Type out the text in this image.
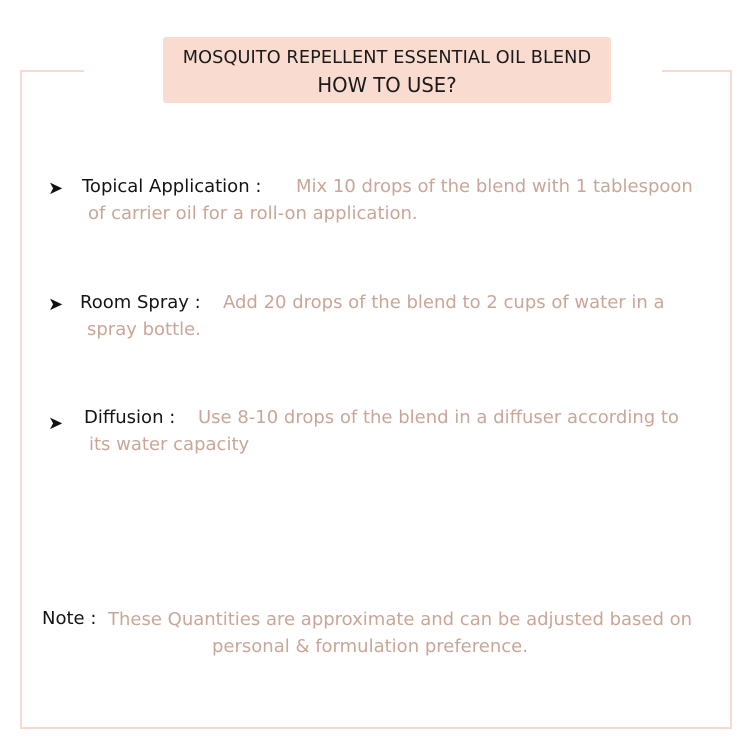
MOSQUITO REPELLENT ESSENTIAL OIL BLEND
HOW TO USE?
➤ Topical Application : Mix 10 drops of the blend with 1 tablespoon
of carrier oil for a roll-on application.
➤ Room Spray : Add 20 drops of the blend to 2 cups of water in a
spray bottle.
➤ Diffusion : Use 8-10 drops of the blend in a diffuser according to
its water capacity
Note : These Quantities are approximate and can be adjusted based on
personal & formulation preference.
